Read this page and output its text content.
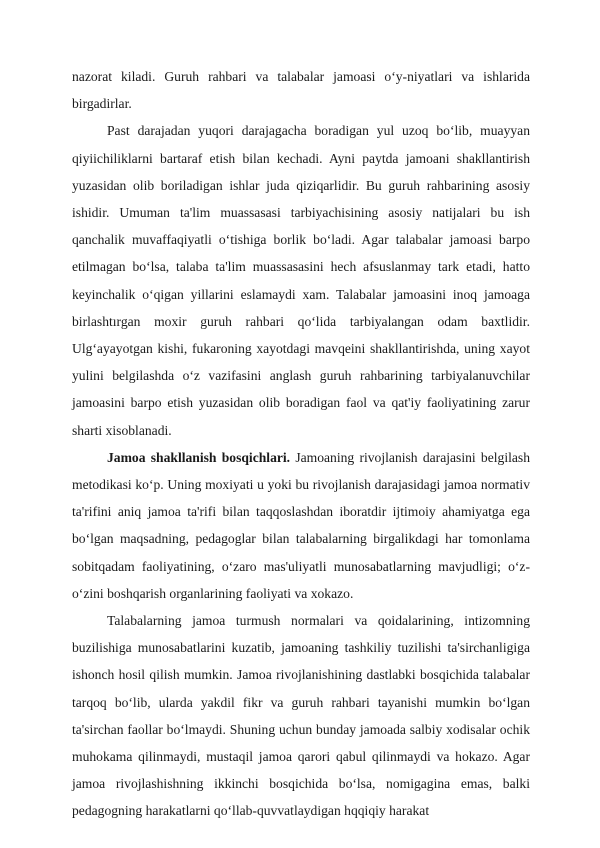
nazorat kiladi. Guruh rahbari va talabalar jamoasi o‘y-niyatlari va ishlarida birgadirlar.

Past darajadan yuqori darajagacha boradigan yul uzoq bo‘lib, muayyan qiyiichiliklarni bartaraf etish bilan kechadi. Ayni paytda jamoani shakllantirish yuzasidan olib boriladigan ishlar juda qiziqarlidir. Bu guruh rahbarining asosiy ishidir. Umuman ta'lim muassasasi tarbiyachisining asosiy natijalari bu ish qanchalik muvaffaqiyatli o‘tishiga borlik bo‘ladi. Agar talabalar jamoasi barpo etilmagan bo‘lsa, talaba ta'lim muassasasini hech afsuslanmay tark etadi, hatto keyinchalik o‘qigan yillarini eslamaydi xam. Talabalar jamoasini inoq jamoaga birlashtırgan moxir guruh rahbari qo‘lida tarbiyalangan odam baxtlidir. Ulg‘ayayotgan kishi, fukaroning xayotdagi mavqeini shakllantirishda, uning xayot yulini belgilashda o‘z vazifasini anglash guruh rahbarining tarbiyalanuvchilar jamoasini barpo etish yuzasidan olib boradigan faol va qat'iy faoliyatining zarur sharti xisoblanadi.

Jamoa shakllanish bosqichlari. Jamoaning rivojlanish darajasini belgilash metodikasi ko‘p. Uning moxiyati u yoki bu rivojlanish darajasidagi jamoa normativ ta'rifini aniq jamoa ta'rifi bilan taqqoslashdan iboratdir ijtimoiy ahamiyatga ega bo‘lgan maqsadning, pedagoglar bilan talabalarning birgalikdagi har tomonlama sobitqadam faoliyatining, o‘zaro mas'uliyatli munosabatlarning mavjudligi; o‘z-o‘zini boshqarish organlarining faoliyati va xokazo.

Talabalarning jamoa turmush normalari va qoidalarining, intizomning buzilishiga munosabatlarini kuzatib, jamoaning tashkiliy tuzilishi ta'sirchanligiga ishonch hosil qilish mumkin. Jamoa rivojlanishining dastlabki bosqichida talabalar tarqoq bo‘lib, ularda yakdil fikr va guruh rahbari tayanishi mumkin bo‘lgan ta'sirchan faollar bo‘lmaydi. Shuning uchun bunday jamoada salbiy xodisalar ochik muhokama qilinmaydi, mustaqil jamoa qarori qabul qilinmaydi va hokazo. Agar jamoa rivojlashishning ikkinchi bosqichida bo‘lsa, nomigagina emas, balki pedagogning harakatlarni qo‘llab-quvvatlaydigan hqqiqiy harakat
